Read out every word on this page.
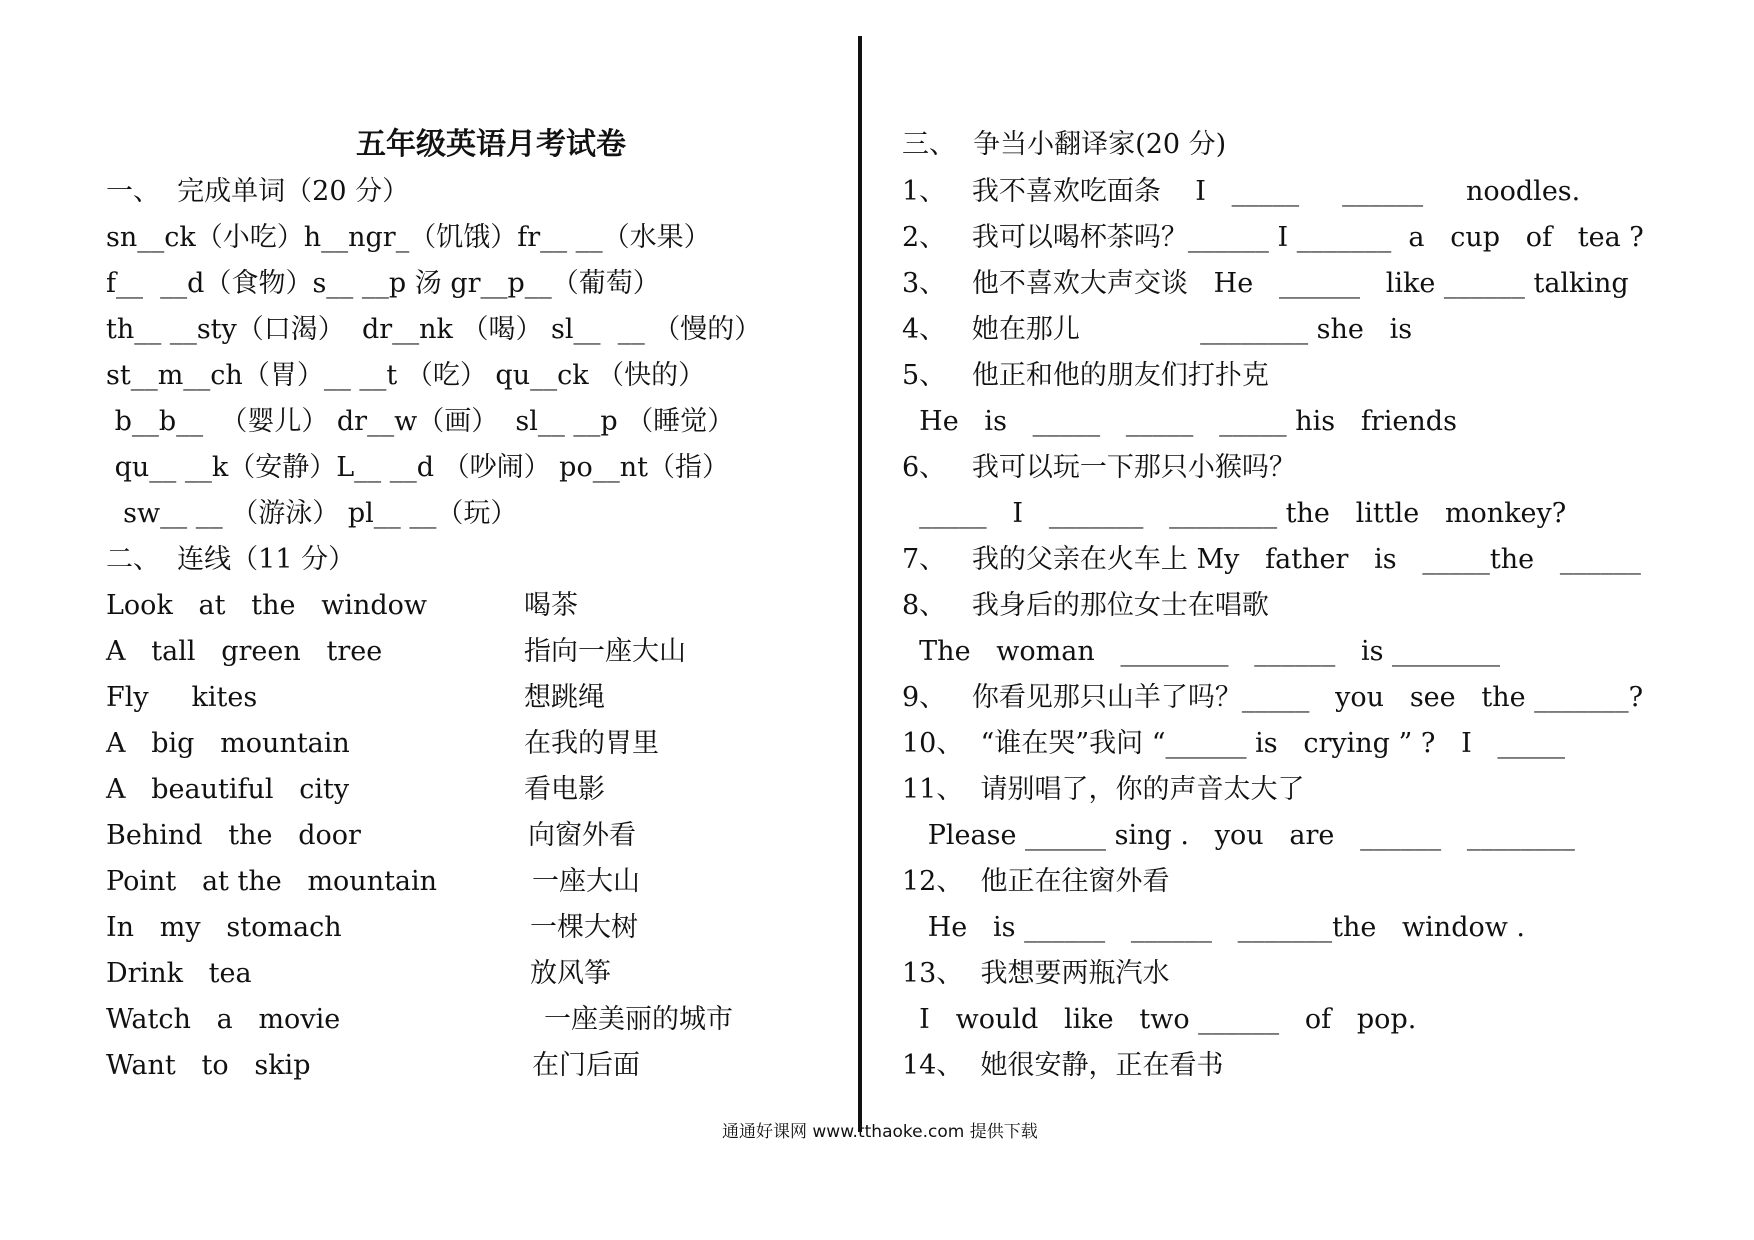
五年级英语月考试卷
一、  完成单词（20 分）
sn__ck（小吃）h__ngr_（饥饿）fr__ __（水果）
f__  __d（食物）s__ __p 汤 gr__p__（葡萄）
th__ __sty（口渴）  dr__nk （喝） sl__  __ （慢的）
st__m__ch（胃）__ __t （吃） qu__ck （快的）
b__b__  （婴儿） dr__w（画）  sl__ __p （睡觉）
qu__ __k（安静）L__ __d （吵闹） po__nt（指）
sw__ __ （游泳） pl__ __（玩）
二、  连线（11 分）
Look   at   the   window
A   tall   green   tree
Fly     kites
A   big   mountain
A   beautiful   city
Behind   the   door
Point   at the   mountain
In   my   stomach
Drink   tea
Watch   a   movie
Want   to   skip
喝茶
指向一座大山
想跳绳
在我的胃里
看电影
向窗外看
一座大山
一棵大树
放风筝
一座美丽的城市
在门后面
三、  争当小翻译家(20 分)
1、   我不喜欢吃面条    I   _____     ______     noodles.
2、   我可以喝杯茶吗？______ I _______  a   cup   of   tea ?
3、   他不喜欢大声交谈   He   ______   like ______ talking
4、   她在那儿              ________ she   is
5、   他正和他的朋友们打扑克
He   is   _____   _____   _____ his   friends
6、   我可以玩一下那只小猴吗？
_____   I   _______   ________ the   little   monkey?
7、   我的父亲在火车上 My   father   is   _____the   ______
8、   我身后的那位女士在唱歌
The   woman   ________   ______   is ________
9、   你看见那只山羊了吗？_____   you   see   the _______?
10、  “谁在哭”我问 “______ is   crying ” ?   I   _____
11、  请别唱了，你的声音太大了
Please ______ sing .   you   are   ______   ________
12、  他正在往窗外看
He   is ______   ______   _______the   window .
13、  我想要两瓶汽水
I   would   like   two ______   of   pop.
14、  她很安静，正在看书
通通好课网 www.tthaoke.com 提供下载
